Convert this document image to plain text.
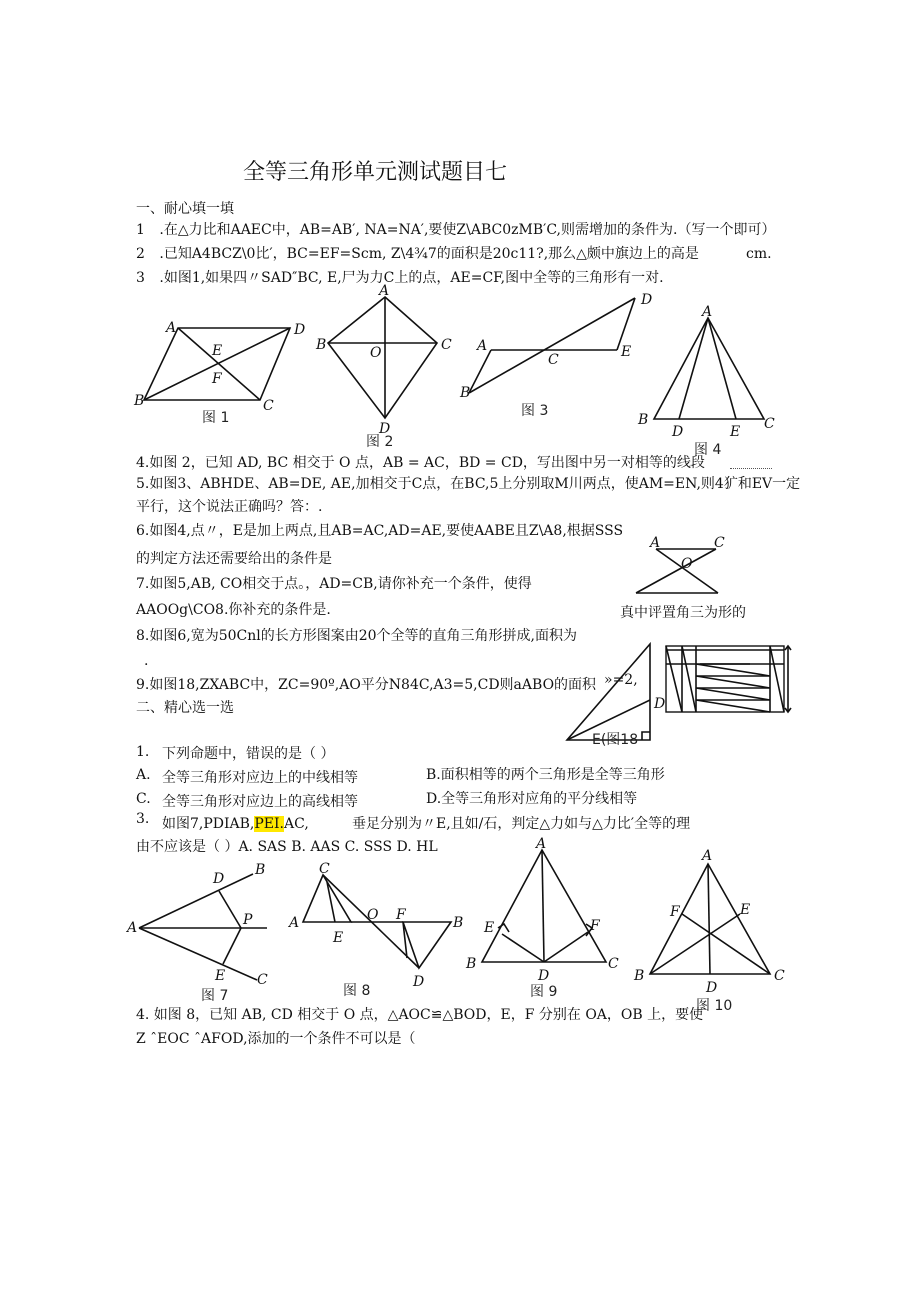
全等三角形单元测试题目七
一、耐心填一填
1 .在△力比和AAEC中，AB=AB′, NA=NA′,要使Z\ABC0zMB′C,则需增加的条件为.（写一个即可）
2 .已知A4BCZ\0比′，BC=EF=Scm, Z\4¾7的面积是20c11?,那么△颇中旗边上的高是	cm.
3 .如图1,如果四〃SAD″BC, E,尸为力C上的点，AE=CF,图中全等的三角形有一对.
A	D
B	C
E
F
图 1
A
B	C
O
D
图 2
A
D
B
E
C
图 3
A
B
D	E C
图 4
4.如图 2，已知 AD, BC 相交于 O 点，AB = AC，BD = CD，写出图中另一对相等的线段
5.如图3、ABHDE、AB=DE, AE,加相交于C点，在BC,5上分别取M川两点，使AM=EN,则4犷和EV一定
平行，这个说法正确吗？答：.
6.如图4,点〃，E是加上两点,且AB=AC,AD=AE,要使AABE且Z\A8,根据SSS
的判定方法还需要给出的条件是
7.如图5,AB, CO相交于点。，AD=CB,请你补充一个条件，使得
AAOOg\CO8.你补充的条件是.
8.如图6,宽为50Cnl的长方形图案由20个全等的直角三角形拼成,面积为
.
9.如图18,ZXABC中，ZC=90º,AO平分N84C,A3=5,CD则aABO的面积
A	C
O
真中评置角三为形的
D
E(图18
»=2,
二、精心选一选
1. 下列命题中，错误的是（ ）
A. 全等三角形对应边上的中线相等	B.面积相等的两个三角形是全等三角形
C. 全等三角形对应边上的高线相等	D.全等三角形对应角的平分线相等
3. 如图7,PDIAB,PEI.AC,	垂足分别为〃E,且如/石，判定△力如与△力比′全等的理
由不应该是（ ）A. SAS B. AAS C. SSS D. HL
A
D
B
P
E C
图 7
C
A
E
O F	B
D
图 8
A
E	F
B
D
C
图 9
A
F	E
B
D
C
图 10
4. 如图 8，已知 AB, CD 相交于 O 点，△AOC≌△BOD，E，F 分别在 OA，OB 上，要使
Z ˆEOC ˆAFOD,添加的一个条件不可以是（
